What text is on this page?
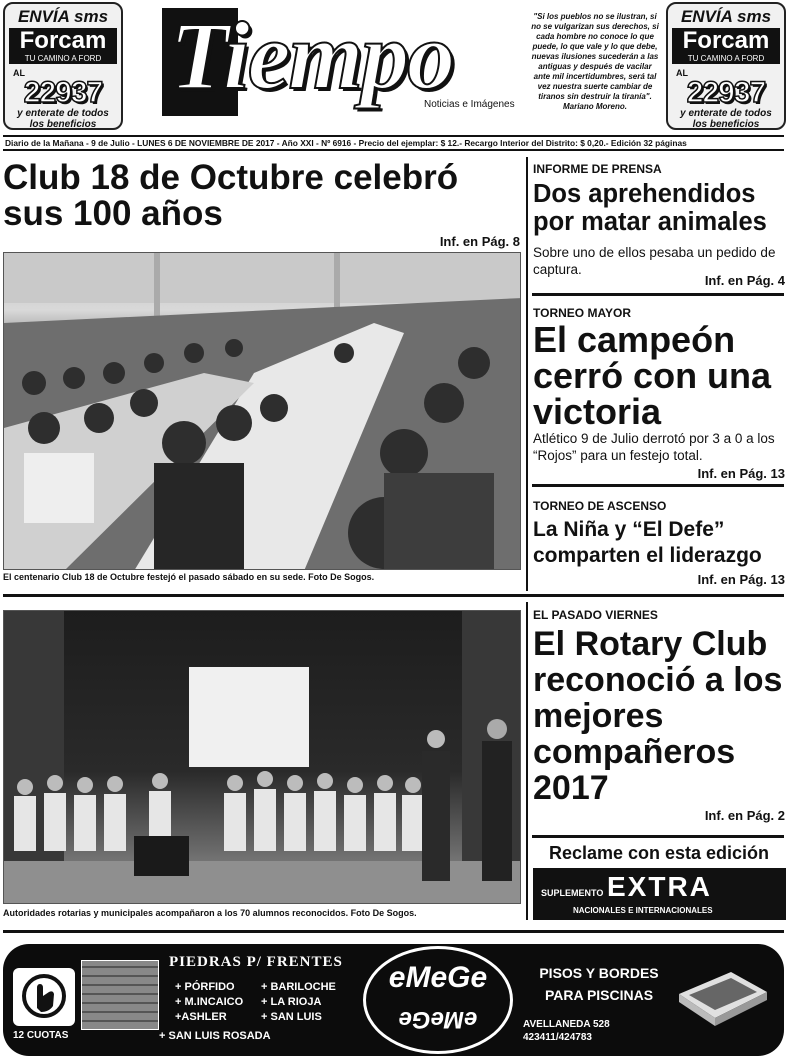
ENVÍA sms
Forcam
TU CAMINO A FORD
AL
22937
y enterate de todos
los beneficios
Tiempo
Noticias e Imágenes
"Si los pueblos no se ilustran, si no se vulgarizan sus derechos, si cada hombre no conoce lo que puede, lo que vale y lo que debe, nuevas ilusiones sucederán a las antiguas y después de vacilar ante mil incertidumbres, será tal vez nuestra suerte cambiar de tiranos sin destruir la tiranía". Mariano Moreno.
ENVÍA sms
Forcam
TU CAMINO A FORD
AL
22937
y enterate de todos
los beneficios
Diario de la Mañana - 9 de Julio - LUNES 6 DE NOVIEMBRE DE 2017 - Año XXI - Nº 6916 - Precio del ejemplar: $ 12.- Recargo Interior del Distrito: $ 0,20.- Edición 32 páginas
Club 18 de Octubre celebró sus 100 años
Inf. en Pág. 8
El centenario Club 18 de Octubre festejó el pasado sábado en su sede. Foto De Sogos.
INFORME DE PRENSA
Dos aprehendidos por matar animales

Sobre uno de ellos pesaba un pedido de captura.

Inf. en Pág. 4
TORNEO MAYOR
El campeón cerró con una victoria

Atlético 9 de Julio derrotó por 3 a 0 a los “Rojos” para un festejo total.

Inf. en Pág. 13
TORNEO DE ASCENSO
La Niña y “El Defe” comparten el liderazgo
Inf. en Pág. 13
Autoridades rotarias y municipales acompañaron a los 70 alumnos reconocidos. Foto De Sogos.
EL PASADO VIERNES
El Rotary Club reconoció a los mejores compañeros 2017
Inf. en Pág. 2
Reclame con esta edición
SUPLEMENTO EXTRA
NACIONALES E INTERNACIONALES
12 CUOTAS
PIEDRAS P/ FRENTES
+ PÓRFIDO + BARILOCHE + M.INCAICO + LA RIOJA +ASHLER	+ SAN LUIS
+ SAN LUIS ROSADA
eMeGe
eMeGe
PISOS Y BORDES PARA PISCINAS
AVELLANEDA 528
423411/424783
